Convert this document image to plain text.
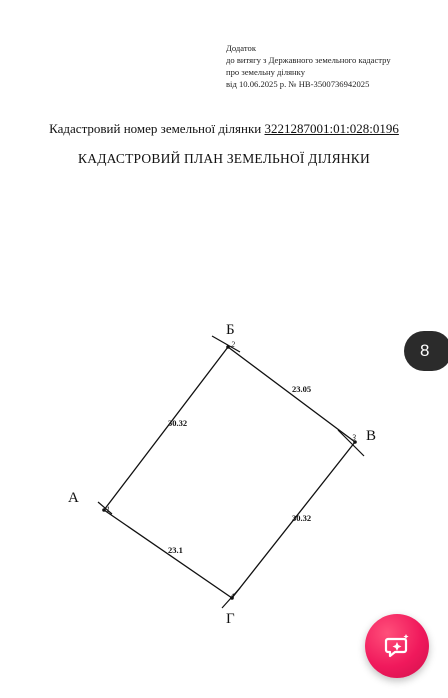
Додаток
до витягу з Державного земельного кадастру
про земельну ділянку
від 10.06.2025 р. № НВ-3500736942025
Кадастровий номер земельної ділянки 3221287001:01:028:0196
КАДАСТРОВИЙ ПЛАН ЗЕМЕЛЬНОЇ ДІЛЯНКИ
Б
В
А
Г
2
3
1
4
30.32
23.05
30.32
23.1
8
